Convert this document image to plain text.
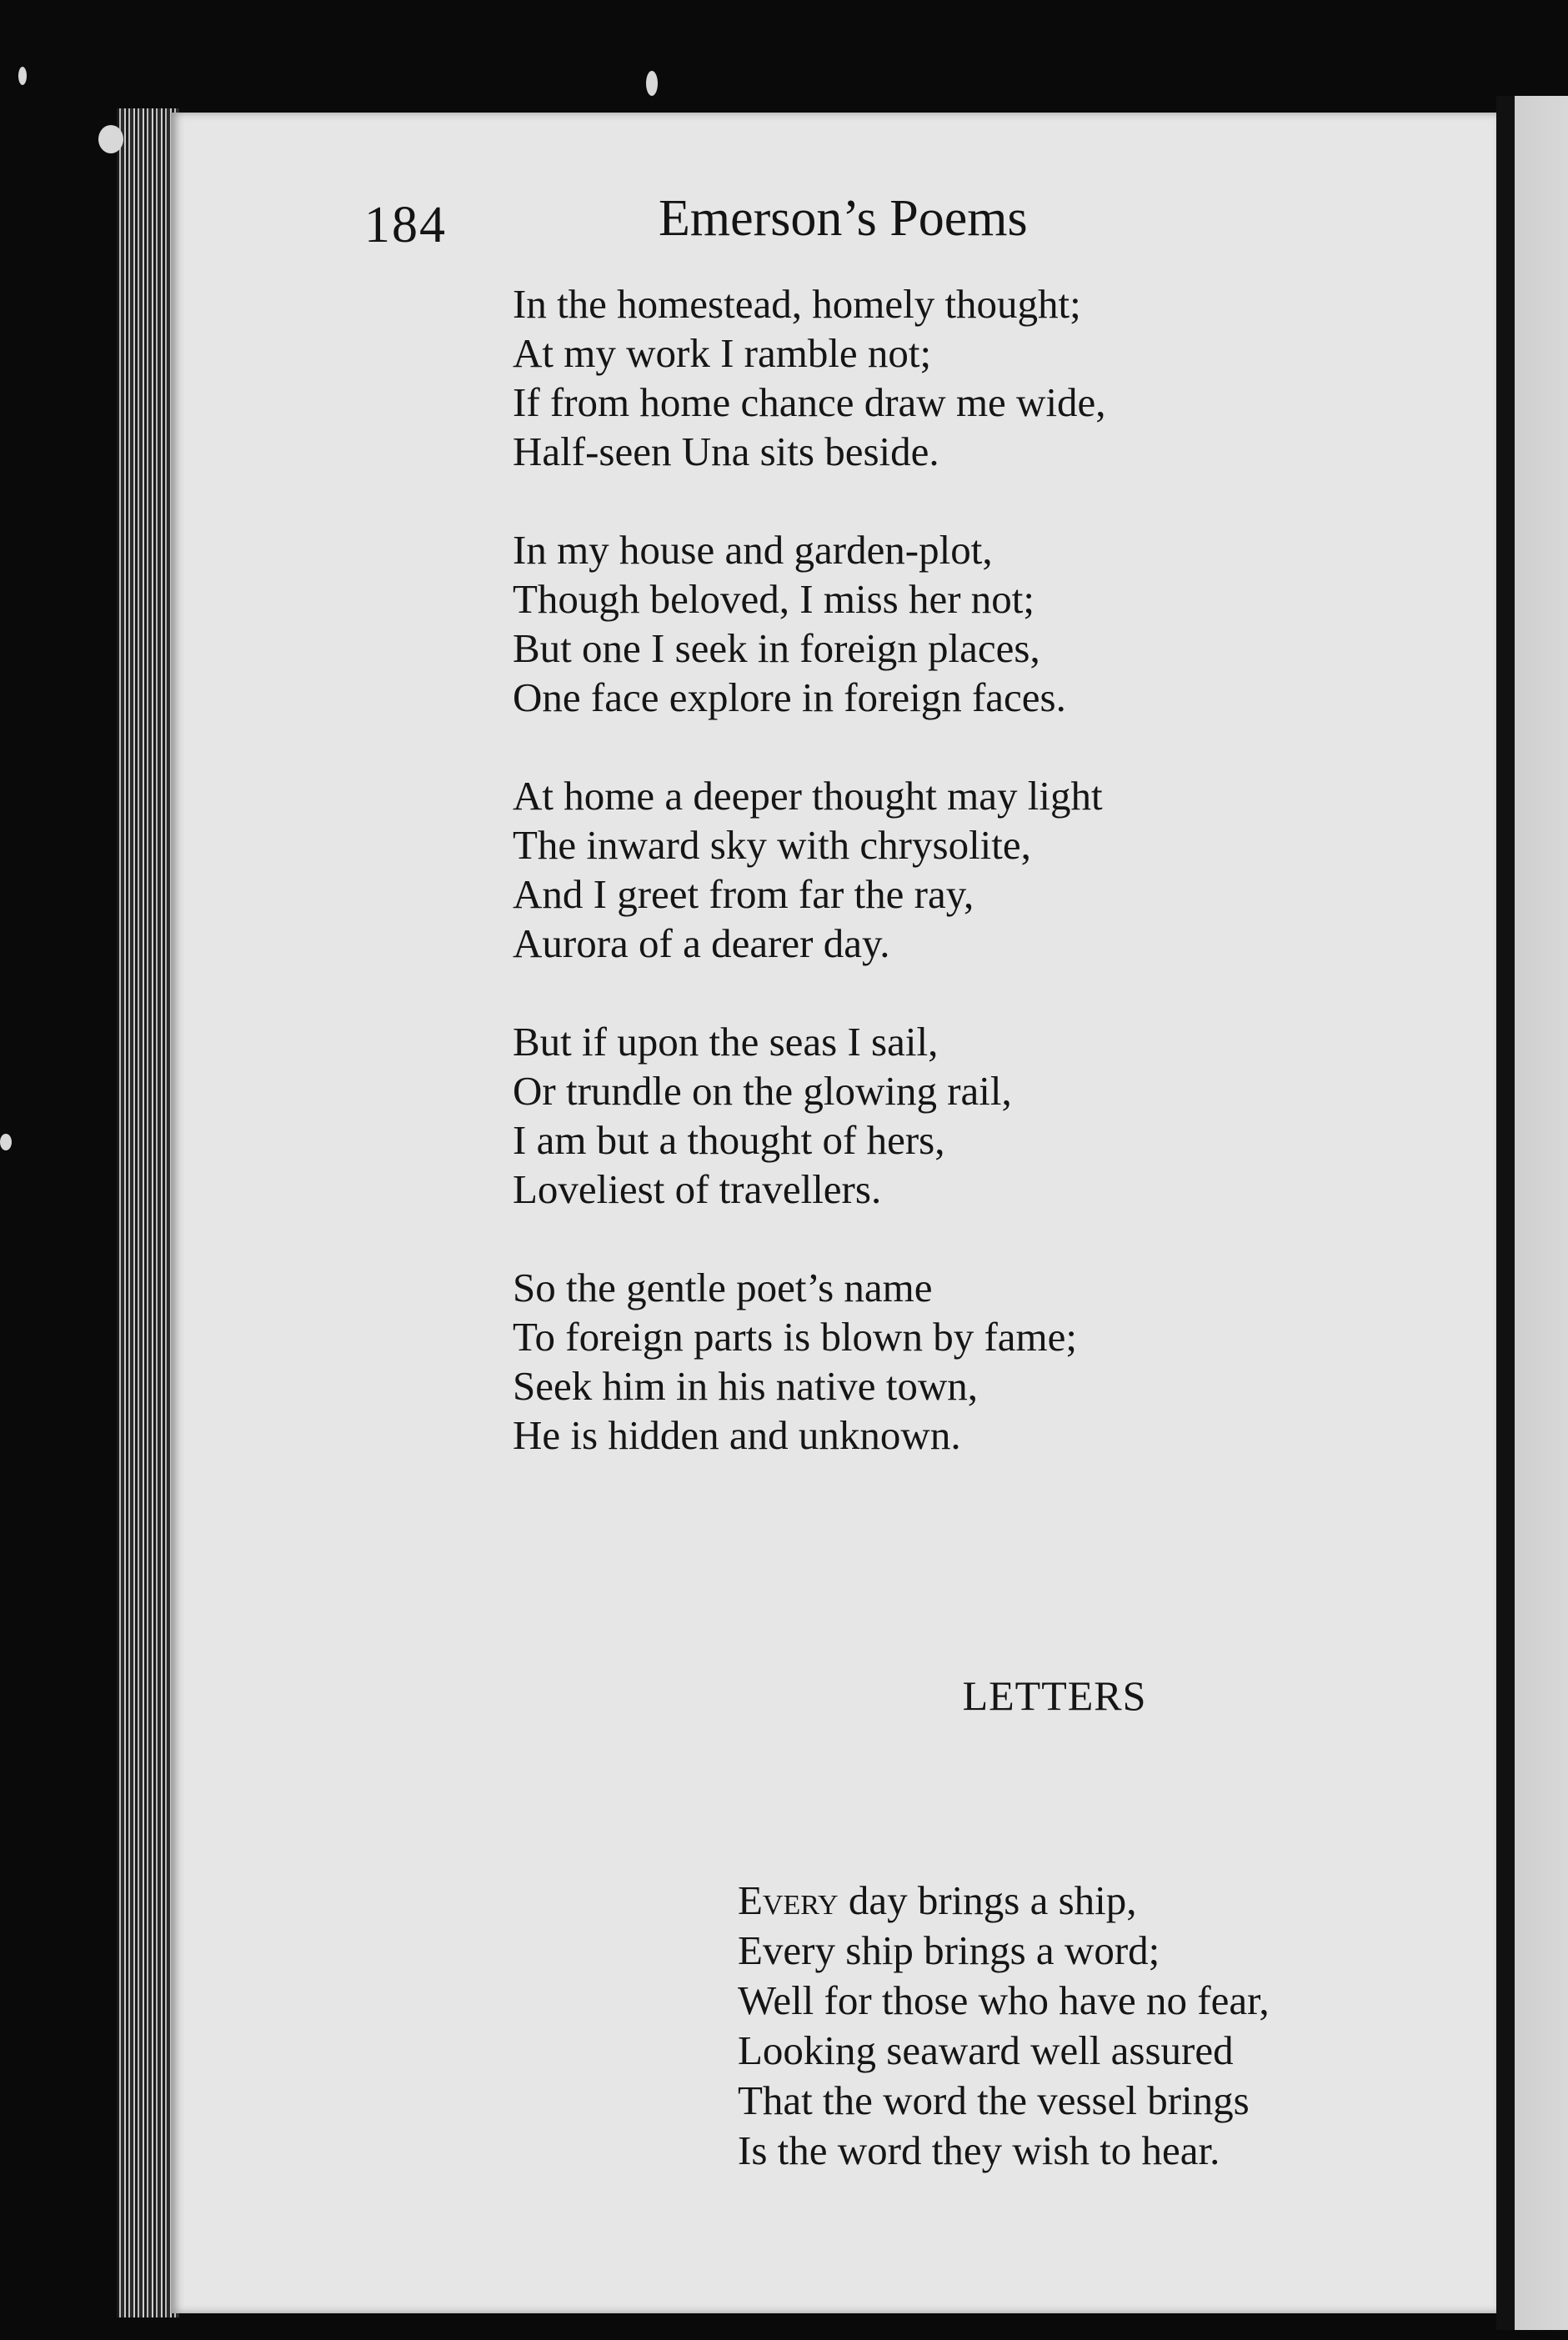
184	Emerson’s Poems
In the homestead, homely thought;
At my work I ramble not;
If from home chance draw me wide,
Half-seen Una sits beside.
In my house and garden-plot,
Though beloved, I miss her not;
But one I seek in foreign places,
One face explore in foreign faces.
At home a deeper thought may light
The inward sky with chrysolite,
And I greet from far the ray,
Aurora of a dearer day.
But if upon the seas I sail,
Or trundle on the glowing rail,
I am but a thought of hers,
Loveliest of travellers.
So the gentle poet’s name
To foreign parts is blown by fame;
Seek him in his native town,
He is hidden and unknown.
LETTERS
Every day brings a ship,
Every ship brings a word;
Well for those who have no fear,
Looking seaward well assured
That the word the vessel brings
Is the word they wish to hear.
